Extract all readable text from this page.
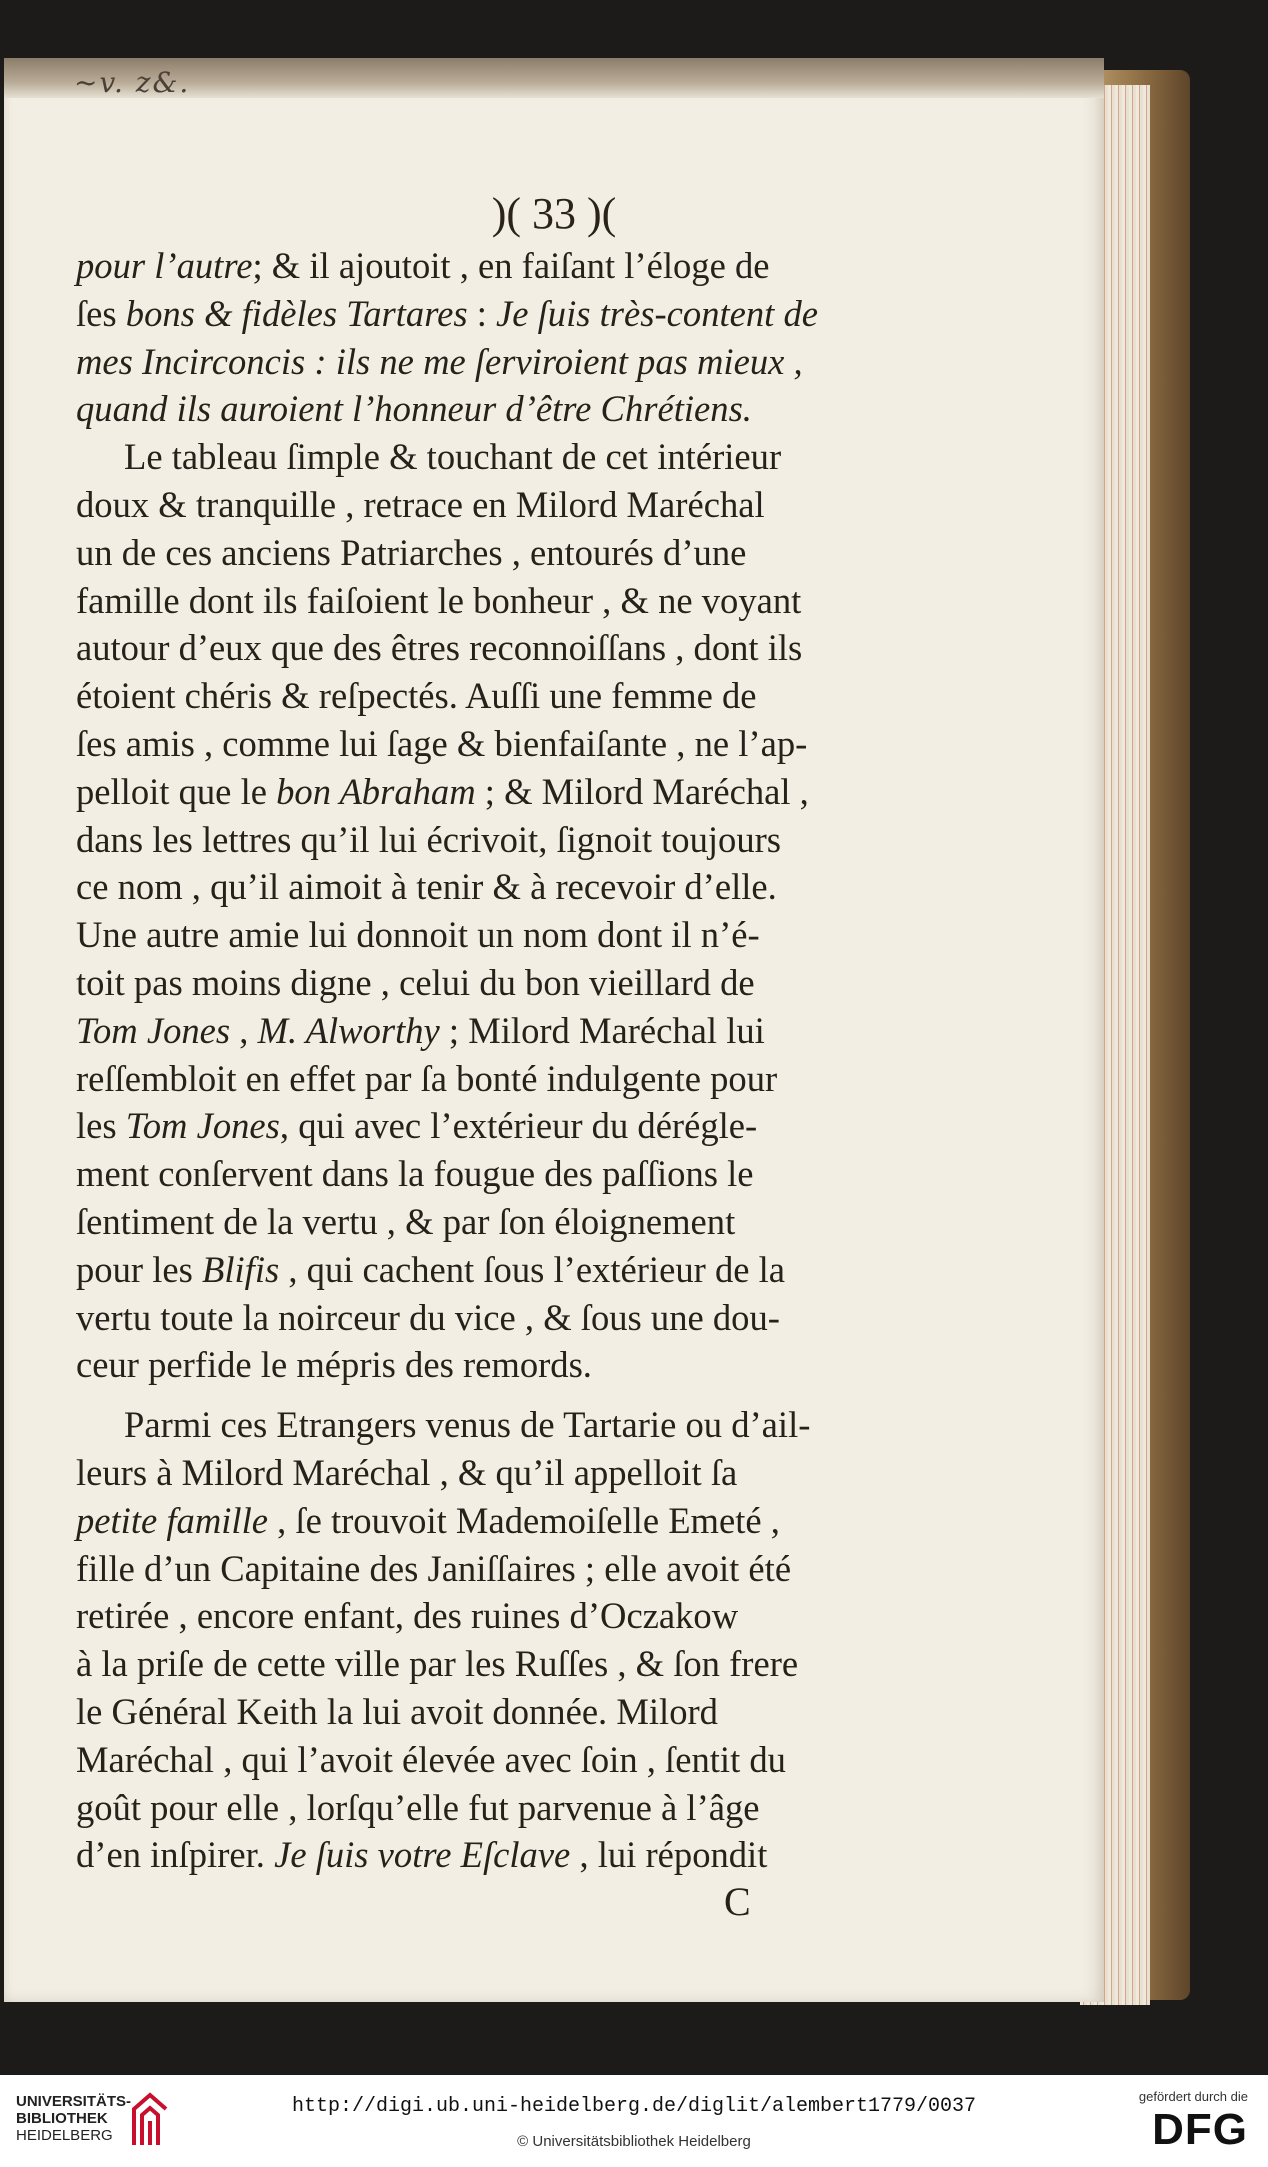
~v. z&.
)( 33 )(
pour l’autre; & il ajoutoit , en faiſant l’éloge de
ſes bons & fidèles Tartares : Je ſuis très-content de
mes Incirconcis : ils ne me ſerviroient pas mieux ,
quand ils auroient l’honneur d’être Chrétiens.
Le tableau ſimple & touchant de cet intérieur
doux & tranquille , retrace en Milord Maréchal
un de ces anciens Patriarches , entourés d’une
famille dont ils faiſoient le bonheur , & ne voyant
autour d’eux que des êtres reconnoiſſans , dont ils
étoient chéris & reſpectés. Auſſi une femme de
ſes amis , comme lui ſage & bienfaiſante , ne l’ap-
pelloit que le bon Abraham ; & Milord Maréchal ,
dans les lettres qu’il lui écrivoit, ſignoit toujours
ce nom , qu’il aimoit à tenir & à recevoir d’elle.
Une autre amie lui donnoit un nom dont il n’é-
toit pas moins digne , celui du bon vieillard de
Tom Jones , M. Alworthy ; Milord Maréchal lui
reſſembloit en effet par ſa bonté indulgente pour
les Tom Jones, qui avec l’extérieur du dérégle-
ment conſervent dans la fougue des paſſions le
ſentiment de la vertu , & par ſon éloignement
pour les Blifis , qui cachent ſous l’extérieur de la
vertu toute la noirceur du vice , & ſous une dou-
ceur perfide le mépris des remords.
Parmi ces Etrangers venus de Tartarie ou d’ail-
leurs à Milord Maréchal , & qu’il appelloit ſa
petite famille , ſe trouvoit Mademoiſelle Emeté ,
fille d’un Capitaine des Janiſſaires ; elle avoit été
retirée , encore enfant, des ruines d’Oczakow
à la priſe de cette ville par les Ruſſes , & ſon frere
le Général Keith la lui avoit donnée. Milord
Maréchal , qui l’avoit élevée avec ſoin , ſentit du
goût pour elle , lorſqu’elle fut parvenue à l’âge
d’en inſpirer. Je ſuis votre Eſclave , lui répondit
C
UNIVERSITÄTS-
BIBLIOTHEK
HEIDELBERG
http://digi.ub.uni-heidelberg.de/diglit/alembert1779/0037
© Universitätsbibliothek Heidelberg
gefördert durch die
DFG
